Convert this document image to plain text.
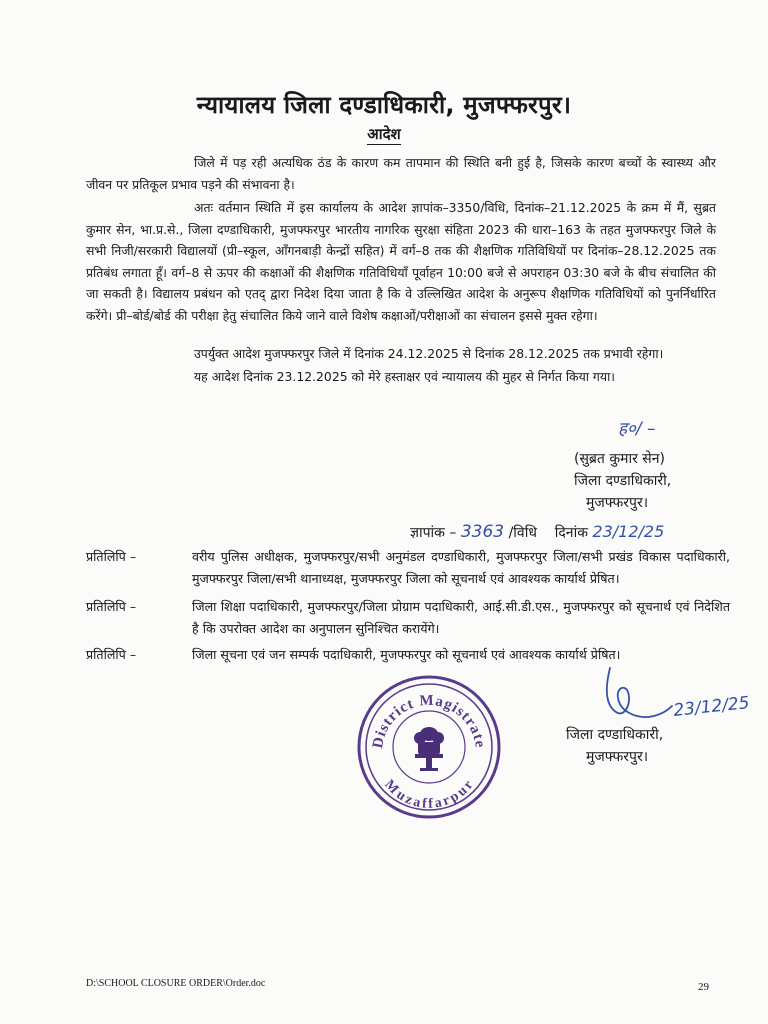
न्यायालय जिला दण्डाधिकारी, मुजफ्फरपुर।
आदेश

जिले में पड़ रही अत्यधिक ठंड के कारण कम तापमान की स्थिति बनी हुई है, जिसके कारण बच्चों के स्वास्थ्य और जीवन पर प्रतिकूल प्रभाव पड़ने की संभावना है।

अतः वर्तमान स्थिति में इस कार्यालय के आदेश ज्ञापांक–3350/विधि, दिनांक–21.12.2025 के क्रम में मैं, सुब्रत कुमार सेन, भा.प्र.से., जिला दण्डाधिकारी, मुजफ्फरपुर भारतीय नागरिक सुरक्षा संहिता 2023 की धारा–163 के तहत मुजफ्फरपुर जिले के सभी निजी/सरकारी विद्यालयों (प्री–स्कूल, ऑंगनबाड़ी केन्द्रों सहित) में वर्ग–8 तक की शैक्षणिक गतिविधियों पर दिनांक–28.12.2025 तक प्रतिबंध लगाता हूँ। वर्ग–8 से ऊपर की कक्षाओं की शैक्षणिक गतिविधियाँ पूर्वाहन 10:00 बजे से अपराहन 03:30 बजे के बीच संचालित की जा सकती है। विद्यालय प्रबंधन को एतद् द्वारा निदेश दिया जाता है कि वे उल्लिखित आदेश के अनुरूप शैक्षणिक गतिविधियों को पुनर्निर्धारित करेंगे। प्री–बोर्ड/बोर्ड की परीक्षा हेतु संचालित किये जाने वाले विशेष कक्षाओं/परीक्षाओं का संचालन इससे मुक्त रहेगा।

उपर्युक्त आदेश मुजफ्फरपुर जिले में दिनांक 24.12.2025 से दिनांक 28.12.2025 तक प्रभावी रहेगा।

यह आदेश दिनांक 23.12.2025 को मेरे हस्ताक्षर एवं न्यायालय की मुहर से निर्गत किया गया।

ह०/ –
(सुब्रत कुमार सेन)
जिला दण्डाधिकारी,
मुजफ्फरपुर।
ज्ञापांक – 3363 /विधि दिनांक 23/12/25
प्रतिलिपि –	वरीय पुलिस अधीक्षक, मुजफ्फरपुर/सभी अनुमंडल दण्डाधिकारी, मुजफ्फरपुर जिला/सभी प्रखंड विकास पदाधिकारी, मुजफ्फरपुर जिला/सभी थानाध्यक्ष, मुजफ्फरपुर जिला को सूचनार्थ एवं आवश्यक कार्यार्थ प्रेषित।
प्रतिलिपि –	जिला शिक्षा पदाधिकारी, मुजफ्फरपुर/जिला प्रोग्राम पदाधिकारी, आई.सी.डी.एस., मुजफ्फरपुर को सूचनार्थ एवं निदेशित है कि उपरोक्त आदेश का अनुपालन सुनिश्चित करायेंगे।
प्रतिलिपि –	जिला सूचना एवं जन सम्पर्क पदाधिकारी, मुजफ्फरपुर को सूचनार्थ एवं आवश्यक कार्यार्थ प्रेषित।
District Magistrate
Muzaffarpur
23/12/25
जिला दण्डाधिकारी,
मुजफ्फरपुर।
D:\SCHOOL CLOSURE ORDER\Order.doc	29
